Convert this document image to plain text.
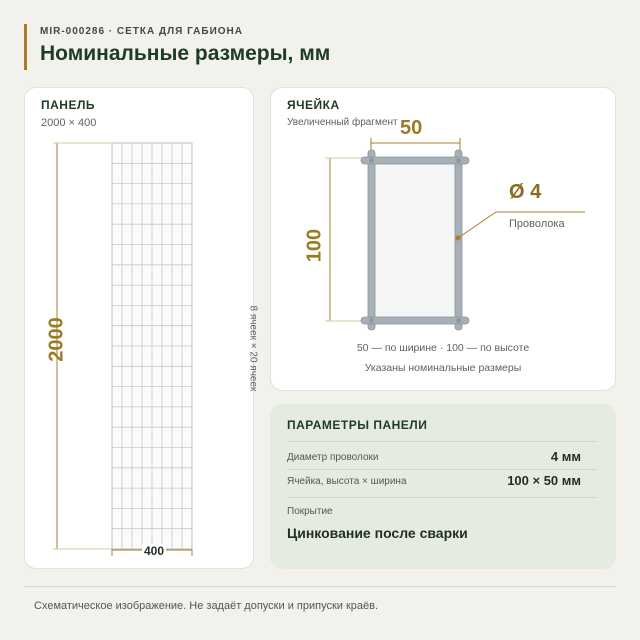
MIR-000286 · СЕТКА ДЛЯ ГАБИОНА
Номинальные размеры, мм
ПАНЕЛЬ
2000 × 400
2000
400
8 ячеек × 20 ячеек
ЯЧЕЙКА
Увеличенный фрагмент 50
100
Ø 4
Проволока
50 — по ширине · 100 — по высоте
Указаны номинальные размеры
ПАРАМЕТРЫ ПАНЕЛИ
Диаметр проволоки	4 мм
Ячейка, высота × ширина	100 × 50 мм
Покрытие
Цинкование после сварки
Схематическое изображение. Не задаёт допуски и припуски краёв.
